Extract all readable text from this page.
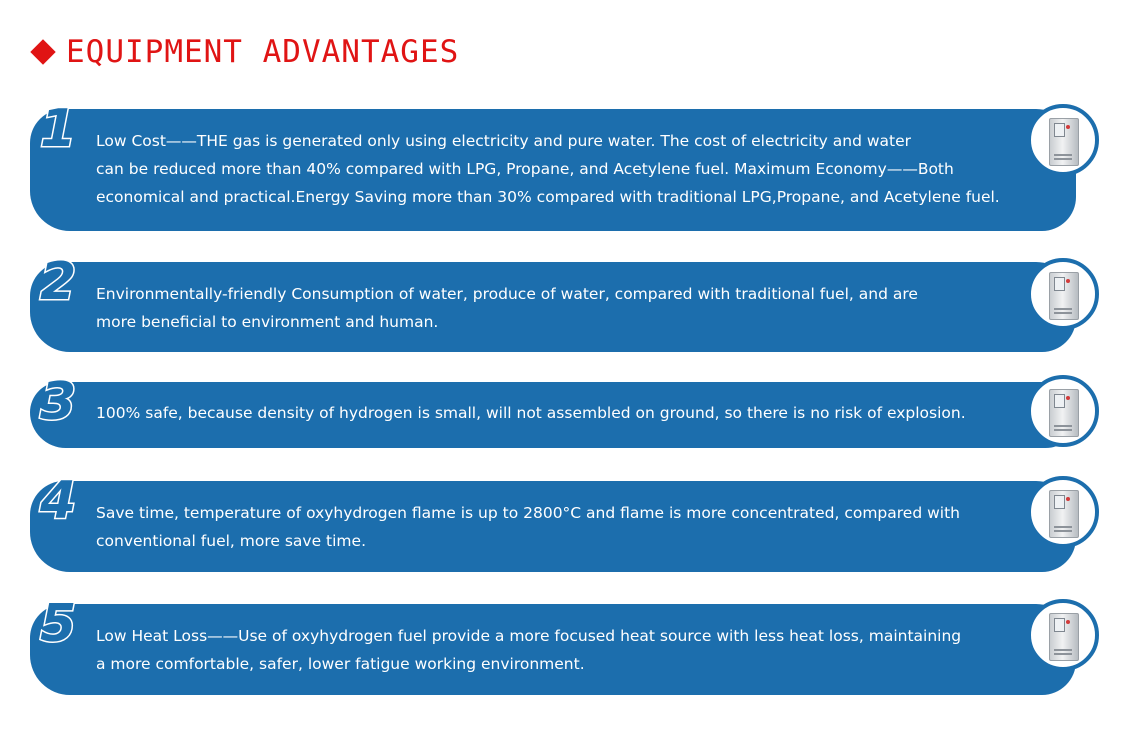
EQUIPMENT ADVANTAGES
1 Low Cost——THE gas is generated only using electricity and pure water. The cost of electricity and water
can be reduced more than 40% compared with LPG, Propane, and Acetylene fuel. Maximum Economy——Both
economical and practical.Energy Saving more than 30% compared with traditional LPG,Propane, and Acetylene fuel.
2 Environmentally-friendly Consumption of water, produce of water, compared with traditional fuel, and are
more beneficial to environment and human.
3 100% safe, because density of hydrogen is small, will not assembled on ground, so there is no risk of explosion.
4 Save time, temperature of oxyhydrogen flame is up to 2800°C and flame is more concentrated, compared with
conventional fuel, more save time.
5 Low Heat Loss——Use of oxyhydrogen fuel provide a more focused heat source with less heat loss, maintaining
a more comfortable, safer, lower fatigue working environment.
